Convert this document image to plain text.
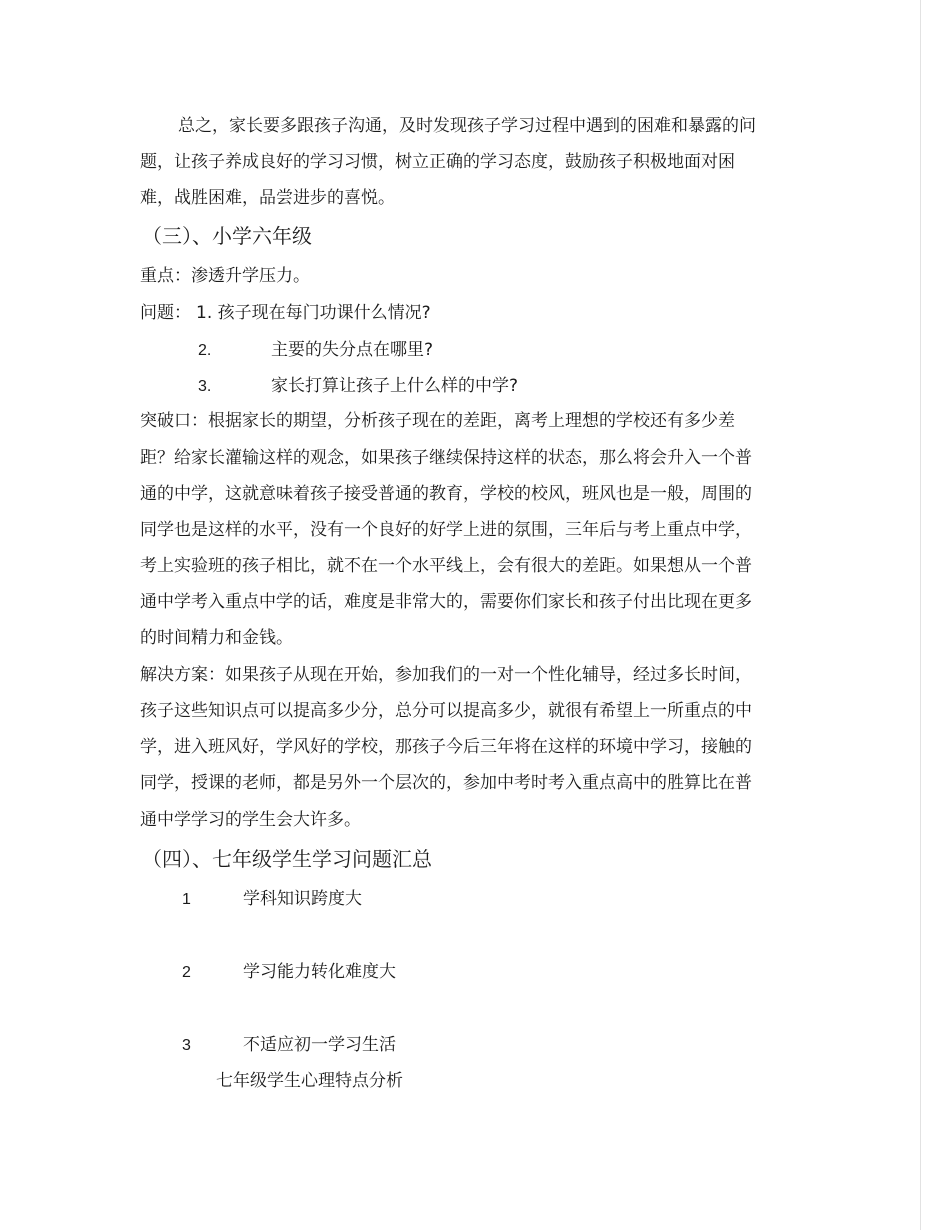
总之，家长要多跟孩子沟通，及时发现孩子学习过程中遇到的困难和暴露的问
题，让孩子养成良好的学习习惯，树立正确的学习态度，鼓励孩子积极地面对困
难，战胜困难，品尝进步的喜悦。
（三）、小学六年级
重点：渗透升学压力。
问题： 1. 孩子现在每门功课什么情况?
2.	主要的失分点在哪里?
3.	家长打算让孩子上什么样的中学?
突破口：根据家长的期望，分析孩子现在的差距，离考上理想的学校还有多少差
距？给家长灌输这样的观念，如果孩子继续保持这样的状态，那么将会升入一个普
通的中学，这就意味着孩子接受普通的教育，学校的校风，班风也是一般，周围的
同学也是这样的水平，没有一个良好的好学上进的氛围，三年后与考上重点中学，
考上实验班的孩子相比，就不在一个水平线上，会有很大的差距。如果想从一个普
通中学考入重点中学的话，难度是非常大的，需要你们家长和孩子付出比现在更多
的时间精力和金钱。
解决方案：如果孩子从现在开始，参加我们的一对一个性化辅导，经过多长时间，
孩子这些知识点可以提高多少分，总分可以提高多少，就很有希望上一所重点的中
学，进入班风好，学风好的学校，那孩子今后三年将在这样的环境中学习，接触的
同学，授课的老师，都是另外一个层次的，参加中考时考入重点高中的胜算比在普
通中学学习的学生会大许多。
（四）、七年级学生学习问题汇总
1	学科知识跨度大
2	学习能力转化难度大
3	不适应初一学习生活
七年级学生心理特点分析
